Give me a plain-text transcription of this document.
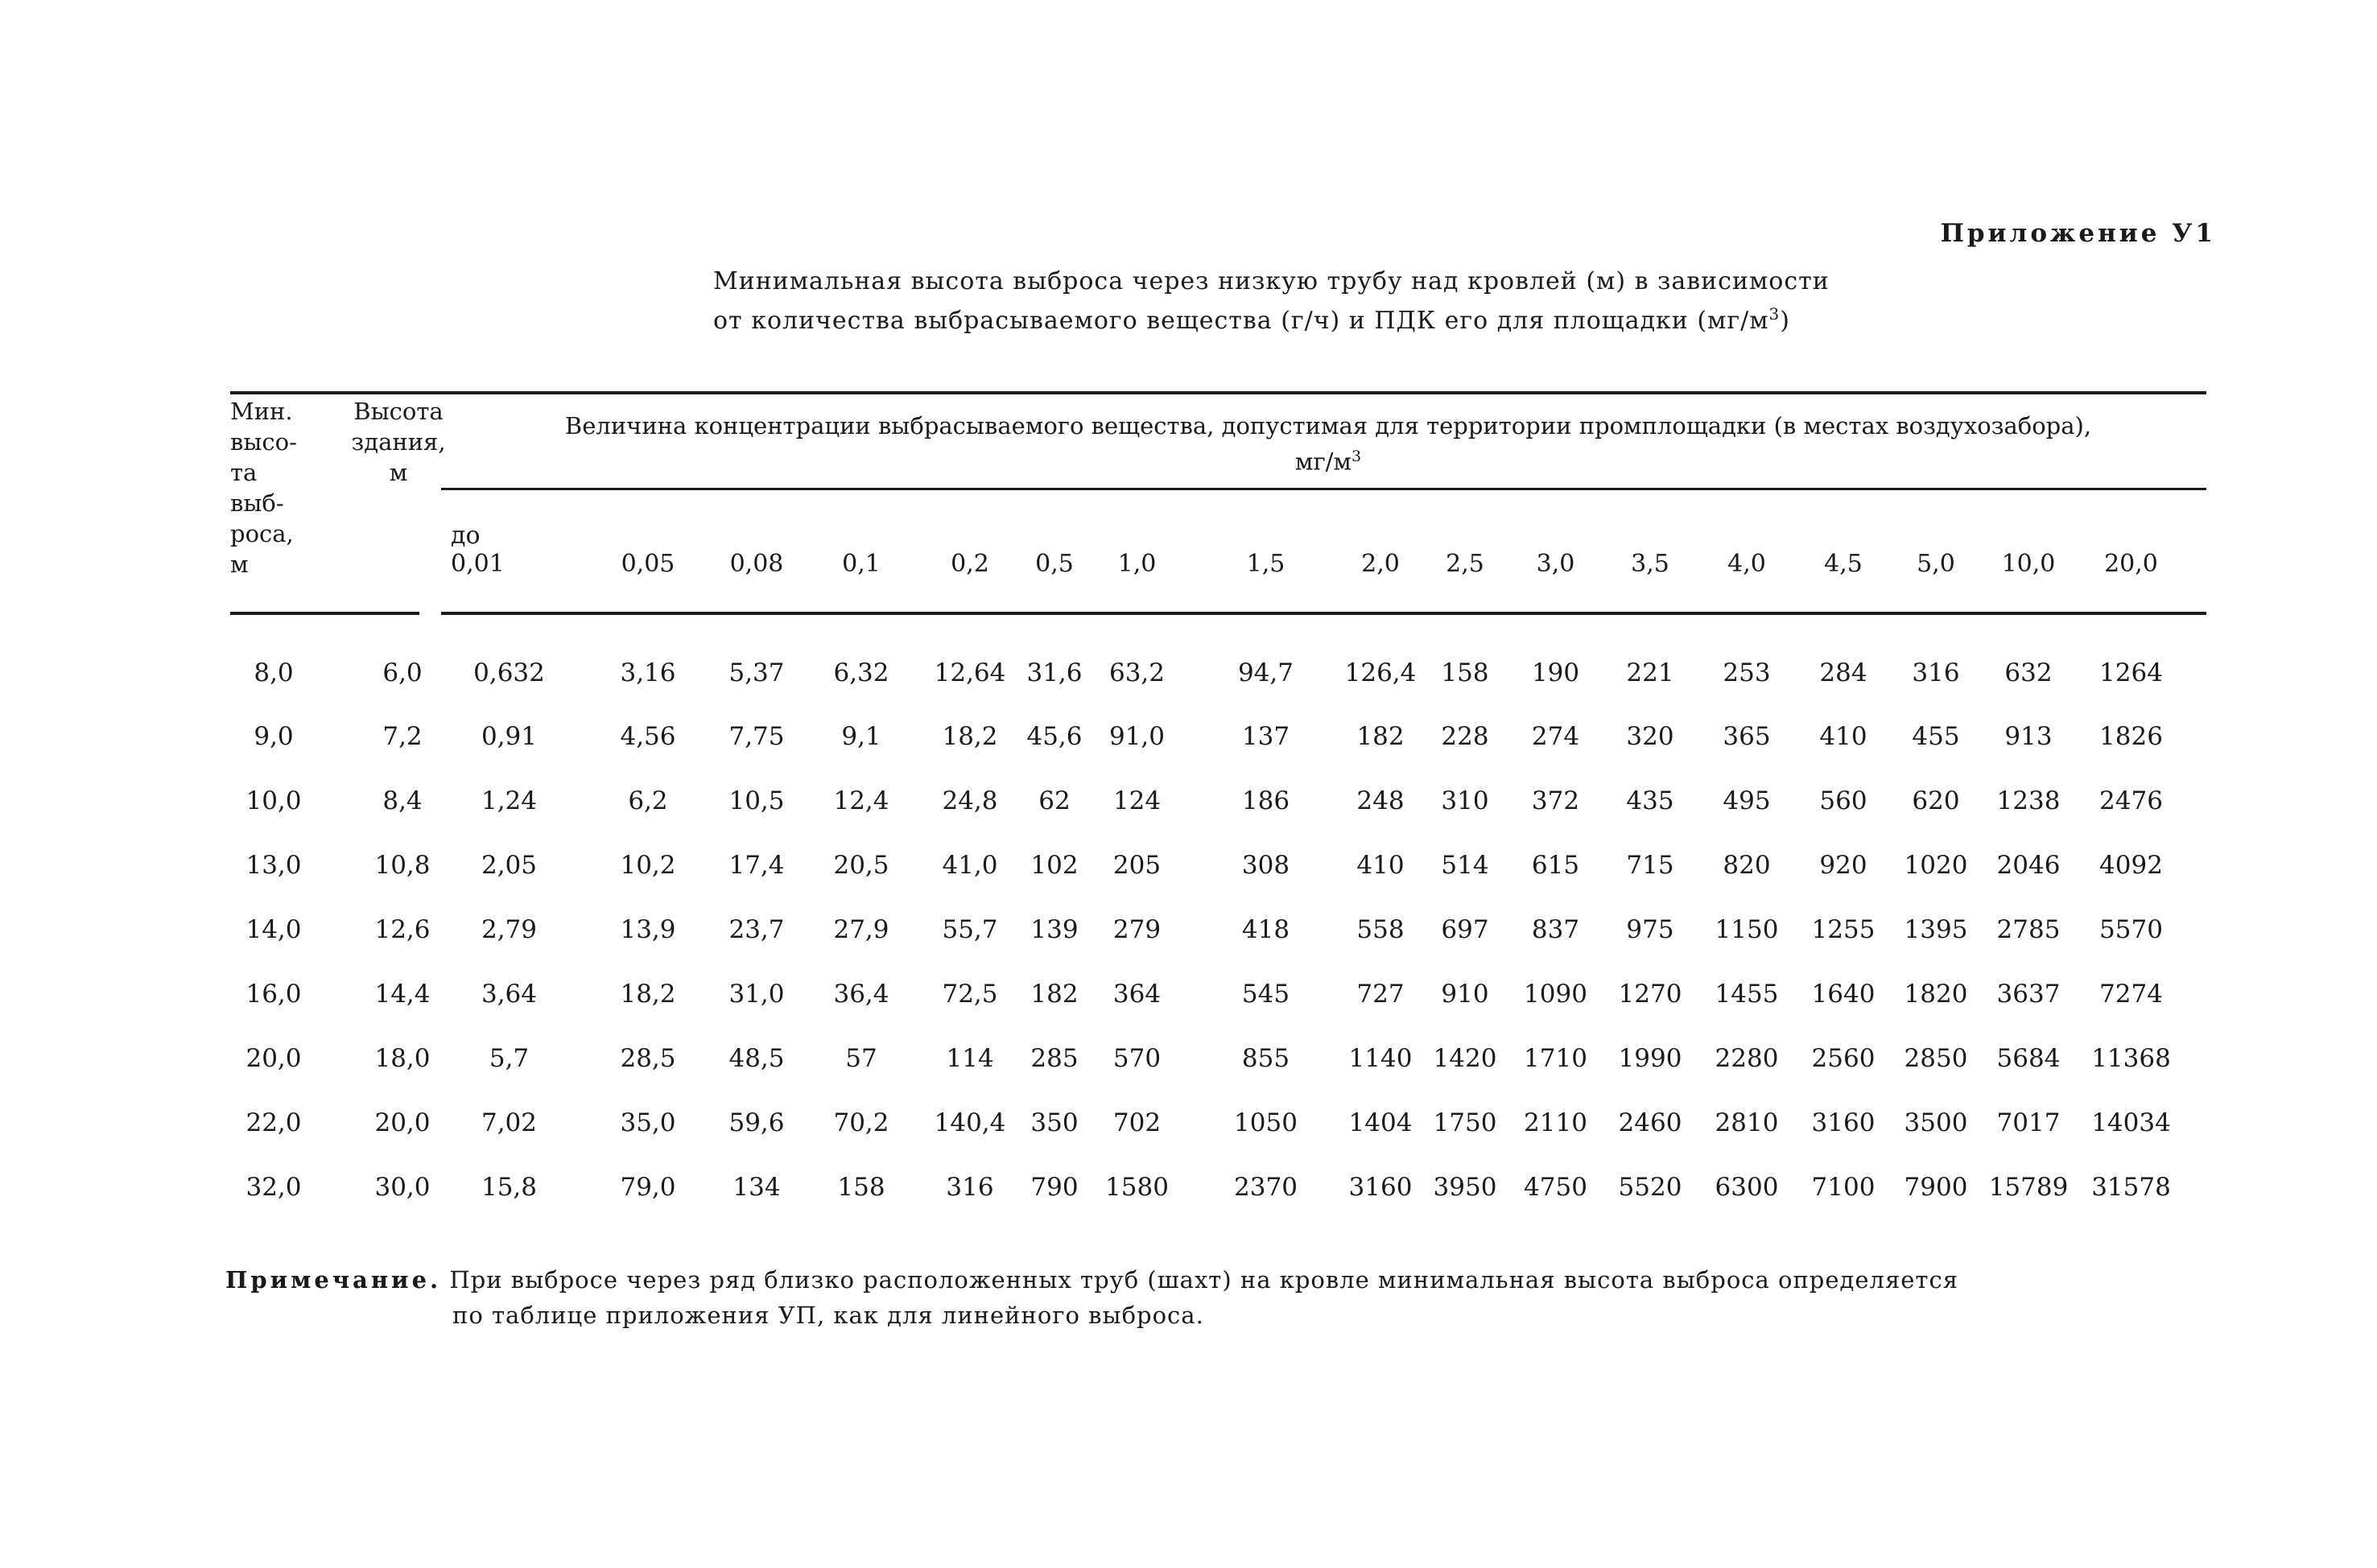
Приложение У1
Минимальная высота выброса через низкую трубу над кровлей (м) в зависимости
от количества выбрасываемого вещества (г/ч) и ПДК его для площадки $(мг/м^3)$
Мин.
высо-
та
выб-
роса,
м
Высота
здания,
м
Величина концентрации выбрасываемого вещества, допустимая для территории промплощадки (в местах воздухозабора),
$мг/м^3$
до
0,01	0,05	0,08	0,1	0,2	0,5	1,0	1,5	2,0	2,5	3,0	3,5	4,0	4,5	5,0	10,0	20,0
8,0	6,0	0,632	3,16	5,37	6,32	12,64 31,6	63,2	94,7	126,4	158	190	221	253	284	316	632	1264
9,0	7,2	0,91	4,56	7,75	9,1	18,2	45,6	91,0	137	182	228	274	320	365	410	455	913	1826
10,0	8,4	1,24	6,2	10,5	12,4	24,8	62	124	186	248	310	372	435	495	560	620	1238	2476
13,0	10,8	2,05	10,2	17,4	20,5	41,0	102	205	308	410	514	615	715	820	920	1020	2046	4092
14,0	12,6	2,79	13,9	23,7	27,9	55,7	139	279	418	558	697	837	975	1150	1255	1395	2785	5570
16,0	14,4	3,64	18,2	31,0	36,4	72,5	182	364	545	727	910	1090	1270	1455	1640	1820	3637	7274
20,0	18,0	5,7	28,5	48,5	57	114	285	570	855	1140 1420	1710	1990	2280	2560	2850	5684	11368
22,0	20,0	7,02	35,0	59,6	70,2	140,4	350	702	1050	1404 1750	2110	2460	2810	3160	3500	7017	14034
32,0	30,0	15,8	79,0	134	158	316	790	1580	2370	3160 3950	4750	5520	6300	7100	7900 15789 31578
Примечание. При выбросе через ряд близко расположенных труб (шахт) на кровле минимальная высота выброса определяется
по таблице приложения УП, как для линейного выброса.
